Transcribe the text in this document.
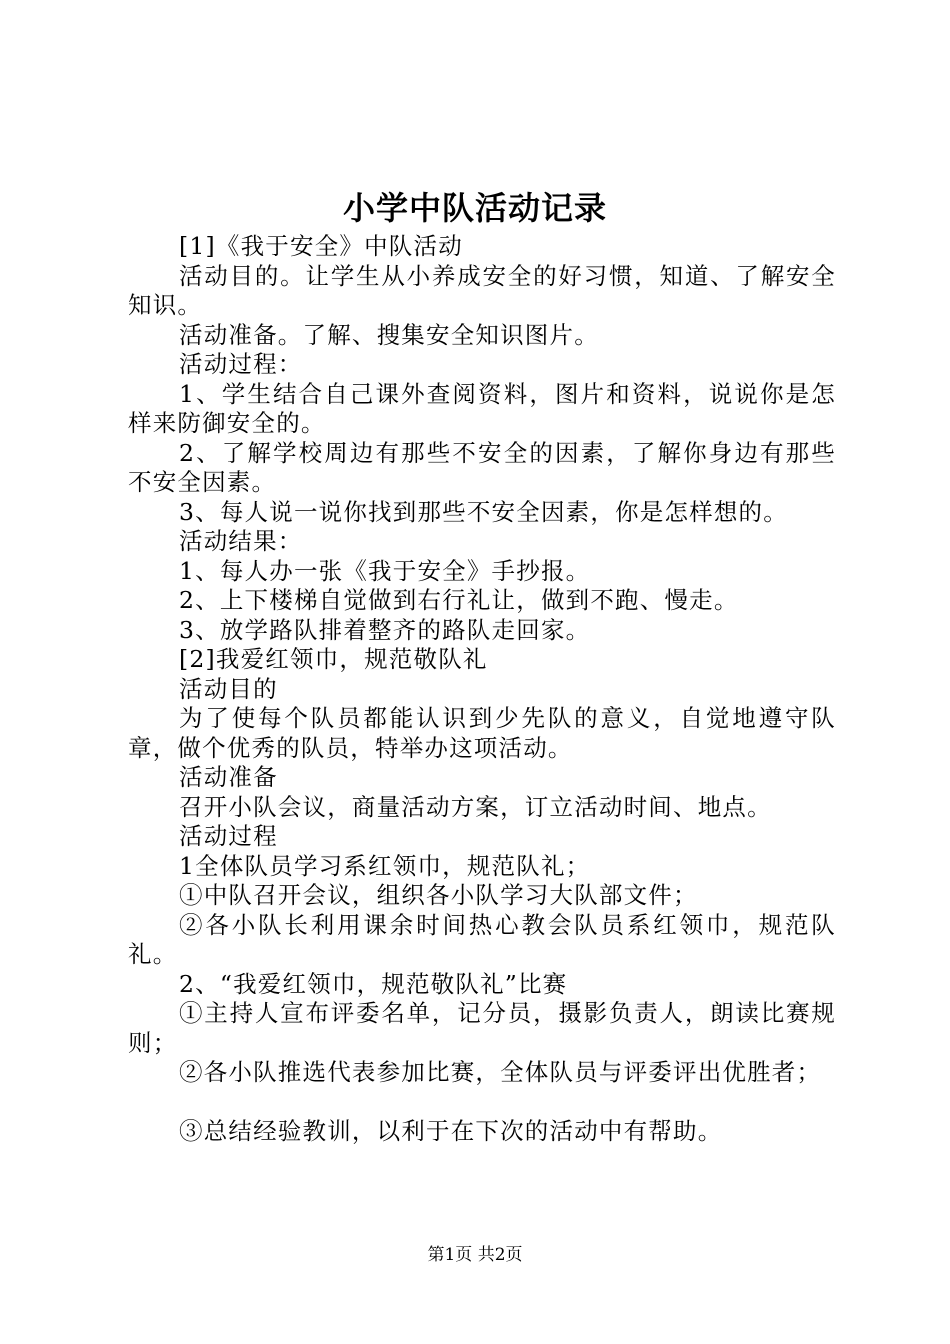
小学中队活动记录

[1]《我于安全》中队活动

活动目的。让学生从小养成安全的好习惯，知道、了解安全知识。

活动准备。了解、搜集安全知识图片。

活动过程：

1、学生结合自己课外查阅资料，图片和资料，说说你是怎样来防御安全的。

2、了解学校周边有那些不安全的因素，了解你身边有那些不安全因素。

3、每人说一说你找到那些不安全因素，你是怎样想的。

活动结果：

1、每人办一张《我于安全》手抄报。

2、上下楼梯自觉做到右行礼让，做到不跑、慢走。

3、放学路队排着整齐的路队走回家。

[2]我爱红领巾，规范敬队礼

活动目的

为了使每个队员都能认识到少先队的意义，自觉地遵守队章，做个优秀的队员，特举办这项活动。

活动准备

召开小队会议，商量活动方案，订立活动时间、地点。

活动过程

1全体队员学习系红领巾，规范队礼；

①中队召开会议，组织各小队学习大队部文件；

②各小队长利用课余时间热心教会队员系红领巾，规范队礼。

2、“我爱红领巾，规范敬队礼”比赛

①主持人宣布评委名单，记分员，摄影负责人，朗读比赛规则；

②各小队推选代表参加比赛，全体队员与评委评出优胜者；

③总结经验教训，以利于在下次的活动中有帮助。

第1页 共2页
